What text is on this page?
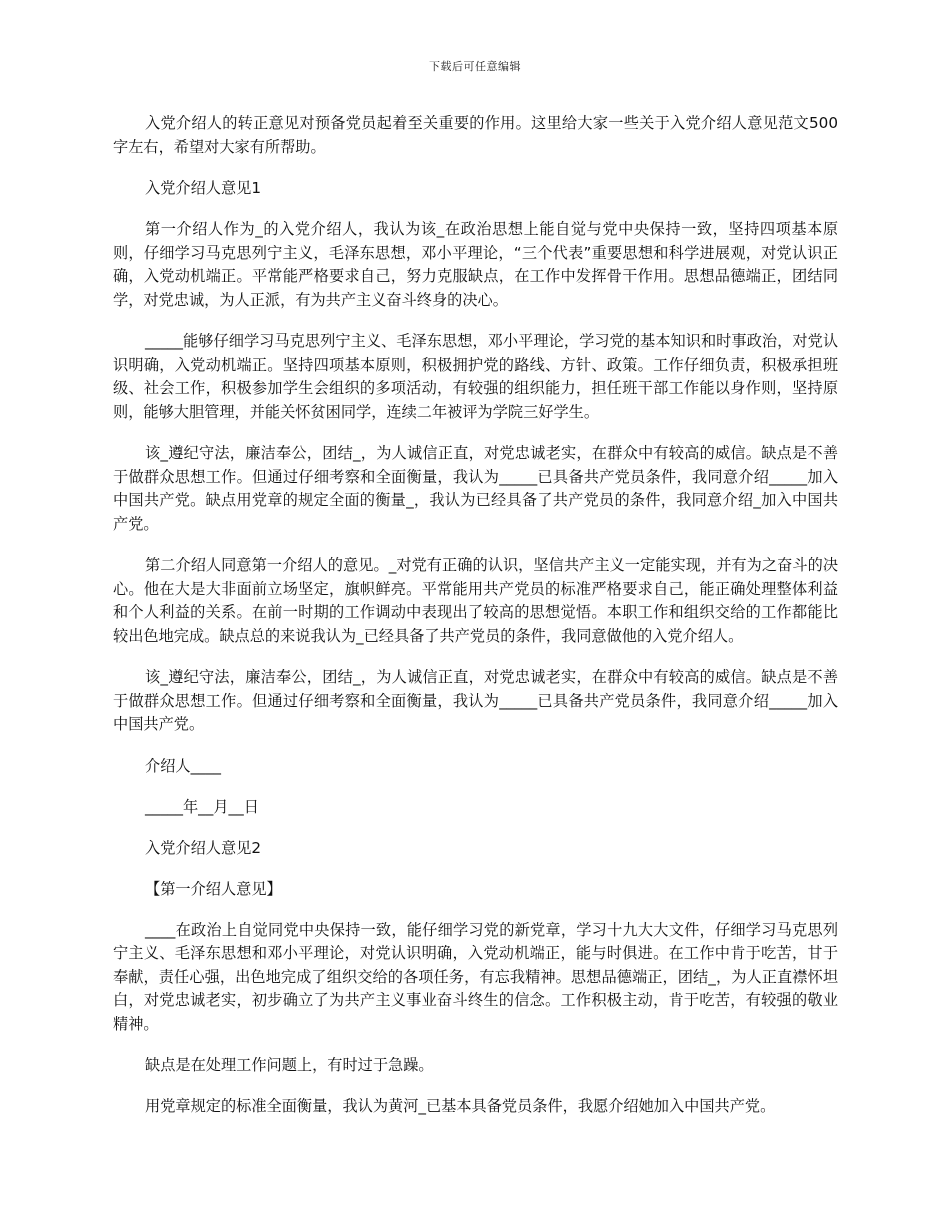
下载后可任意编辑

入党介绍人的转正意见对预备党员起着至关重要的作用。这里给大家一些关于入党介绍人意见范文500字左右，希望对大家有所帮助。

入党介绍人意见1

第一介绍人作为_的入党介绍人，我认为该_在政治思想上能自觉与党中央保持一致，坚持四项基本原则，仔细学习马克思列宁主义，毛泽东思想，邓小平理论，“三个代表”重要思想和科学进展观，对党认识正确，入党动机端正。平常能严格要求自己，努力克服缺点，在工作中发挥骨干作用。思想品德端正，团结同学，对党忠诚，为人正派，有为共产主义奋斗终身的决心。

_____能够仔细学习马克思列宁主义、毛泽东思想，邓小平理论，学习党的基本知识和时事政治，对党认识明确，入党动机端正。坚持四项基本原则，积极拥护党的路线、方针、政策。工作仔细负责，积极承担班级、社会工作，积极参加学生会组织的多项活动，有较强的组织能力，担任班干部工作能以身作则，坚持原则，能够大胆管理，并能关怀贫困同学，连续二年被评为学院三好学生。

该_遵纪守法，廉洁奉公，团结_，为人诚信正直，对党忠诚老实，在群众中有较高的威信。缺点是不善于做群众思想工作。但通过仔细考察和全面衡量，我认为_____已具备共产党员条件，我同意介绍_____加入中国共产党。缺点用党章的规定全面的衡量_，我认为已经具备了共产党员的条件，我同意介绍_加入中国共产党。

第二介绍人同意第一介绍人的意见。_对党有正确的认识，坚信共产主义一定能实现，并有为之奋斗的决心。他在大是大非面前立场坚定，旗帜鲜亮。平常能用共产党员的标准严格要求自己，能正确处理整体利益和个人利益的关系。在前一时期的工作调动中表现出了较高的思想觉悟。本职工作和组织交给的工作都能比较出色地完成。缺点总的来说我认为_已经具备了共产党员的条件，我同意做他的入党介绍人。

该_遵纪守法，廉洁奉公，团结_，为人诚信正直，对党忠诚老实，在群众中有较高的威信。缺点是不善于做群众思想工作。但通过仔细考察和全面衡量，我认为_____已具备共产党员条件，我同意介绍_____加入中国共产党。

介绍人____

_____年__月__日

入党介绍人意见2

【第一介绍人意见】

____在政治上自觉同党中央保持一致，能仔细学习党的新党章，学习十九大大文件，仔细学习马克思列宁主义、毛泽东思想和邓小平理论，对党认识明确，入党动机端正，能与时俱进。在工作中肯于吃苦，甘于奉献，责任心强，出色地完成了组织交给的各项任务，有忘我精神。思想品德端正，团结_，为人正直襟怀坦白，对党忠诚老实，初步确立了为共产主义事业奋斗终生的信念。工作积极主动，肯于吃苦，有较强的敬业精神。

缺点是在处理工作问题上，有时过于急躁。

用党章规定的标准全面衡量，我认为黄河_已基本具备党员条件，我愿介绍她加入中国共产党。
